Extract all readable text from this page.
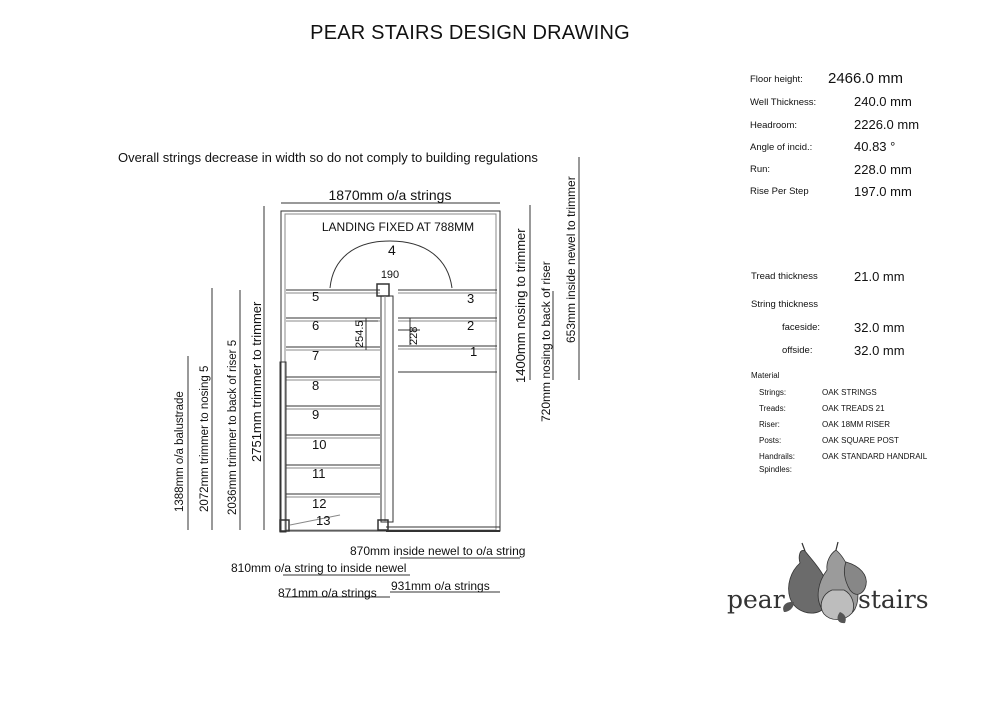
PEAR STAIRS DESIGN DRAWING
Overall strings decrease in width so do not comply to building regulations
Floor height: 2466.0 mm
Well Thickness:	240.0 mm
Headroom:	2226.0 mm
Angle of incid.:	40.83 °
Run:	228.0 mm
Rise Per Step	197.0 mm
Tread thickness	21.0 mm
String thickness
faceside:	32.0 mm
offside:	32.0 mm
Material
Strings:	OAK STRINGS
Treads:	OAK TREADS 21
Riser:	OAK 18MM RISER
Posts:	OAK SQUARE POST
Handrails:	OAK STANDARD HANDRAIL
Spindles:
1870mm o/a strings
LANDING FIXED AT 788MM
190
1
2
3
4
5
6
7
8
9
10
11
12
13
254.5	228
1388mm o/a balustrade 2072mm trimmer to nosing 5 2036mm trimmer to back of riser 5 2751mm trimmer to trimmer	1400mm nosing to trimmer 720mm nosing to back of riser 653mm inside newel to trimmer
870mm inside newel to o/a string
810mm o/a string to inside newel
871mm o/a strings 931mm o/a strings	pear	stairs
